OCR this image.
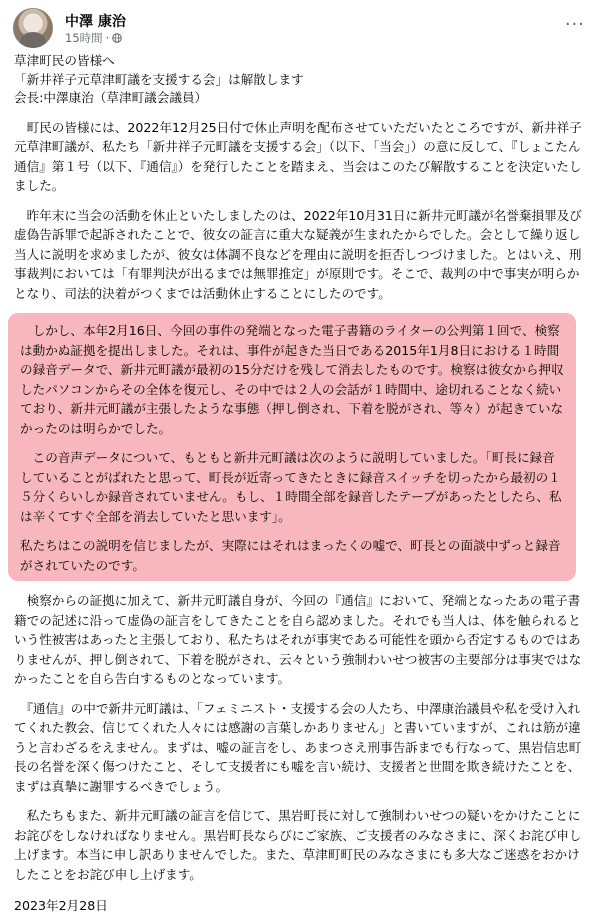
中澤 康治
15時間 ·
···

草津町民の皆様へ

「新井祥子元草津町議を支援する会」は解散します

会長:中澤康治（草津町議会議員）

　町民の皆様には、2022年12月25日付で休止声明を配布させていただいたところですが、新井祥子元草津町議が、私たち「新井祥子元町議を支援する会」（以下、「当会」）の意に反して、『しょこたん通信』第１号（以下、『通信』）を発行したことを踏まえ、当会はこのたび解散することを決定いたしました。

　昨年末に当会の活動を休止といたしましたのは、2022年10月31日に新井元町議が名誉棄損罪及び虚偽告訴罪で起訴されたことで、彼女の証言に重大な疑義が生まれたからでした。会として繰り返し当人に説明を求めましたが、彼女は体調不良などを理由に説明を拒否しつづけました。とはいえ、刑事裁判においては「有罪判決が出るまでは無罪推定」が原則です。そこで、裁判の中で事実が明らかとなり、司法的決着がつくまでは活動休止することにしたのです。

　しかし、本年2月16日、今回の事件の発端となった電子書籍のライターの公判第１回で、検察は動かぬ証拠を提出しました。それは、事件が起きた当日である2015年1月8日における１時間の録音データで、新井元町議が最初の15分だけを残して消去したものです。検察は彼女から押収したパソコンからその全体を復元し、その中では２人の会話が１時間中、途切れることなく続いており、新井元町議が主張したような事態（押し倒され、下着を脱がされ、等々）が起きていなかったのは明らかでした。

　この音声データについて、もともと新井元町議は次のように説明していました。「町長に録音していることがばれたと思って、町長が近寄ってきたときに録音スイッチを切ったから最初の１５分くらいしか録音されていません。もし、１時間全部を録音したテープがあったとしたら、私は辛くてすぐ全部を消去していたと思います」。

私たちはこの説明を信じましたが、実際にはそれはまったくの嘘で、町長との面談中ずっと録音がされていたのです。

　検察からの証拠に加えて、新井元町議自身が、今回の『通信』において、発端となったあの電子書籍での記述に沿って虚偽の証言をしてきたことを自ら認めました。それでも当人は、体を触られるという性被害はあったと主張しており、私たちはそれが事実である可能性を頭から否定するものではありませんが、押し倒されて、下着を脱がされ、云々という強制わいせつ被害の主要部分は事実ではなかったことを自ら告白するものとなっています。

　『通信』の中で新井元町議は、「フェミニスト・支援する会の人たち、中澤康治議員や私を受け入れてくれた教会、信じてくれた人々には感謝の言葉しかありません」と書いていますが、これは筋が違うと言わざるをえません。まずは、嘘の証言をし、あまつさえ刑事告訴までも行なって、黒岩信忠町長の名誉を深く傷つけたこと、そして支援者にも嘘を言い続け、支援者と世間を欺き続けたことを、まずは真摯に謝罪するべきでしょう。

　私たちもまた、新井元町議の証言を信じて、黒岩町長に対して強制わいせつの疑いをかけたことにお詫びをしなければなりません。黒岩町長ならびにご家族、ご支援者のみなさまに、深くお詫び申し上げます。本当に申し訳ありませんでした。また、草津町町民のみなさまにも多大なご迷惑をおかけしたことをお詫び申し上げます。

2023年2月28日
